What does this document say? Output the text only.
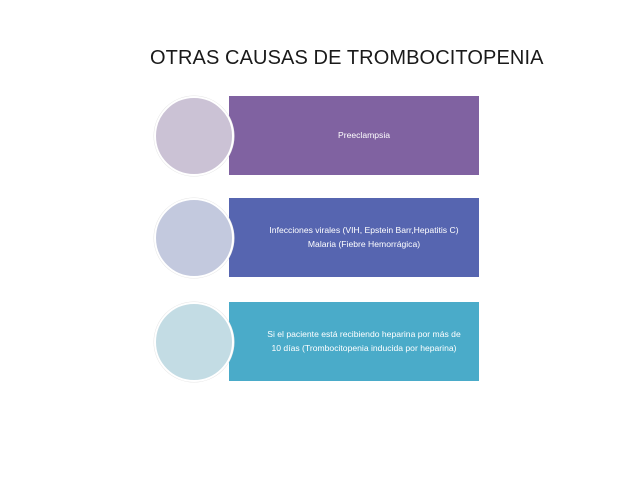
OTRAS CAUSAS DE TROMBOCITOPENIA
Preeclampsia
Infecciones virales (VIH, Epstein Barr,Hepatitis C)
Malaria (Fiebre Hemorrágica)
Si el paciente está recibiendo heparina por más de
10 días (Trombocitopenia inducida por heparina)
